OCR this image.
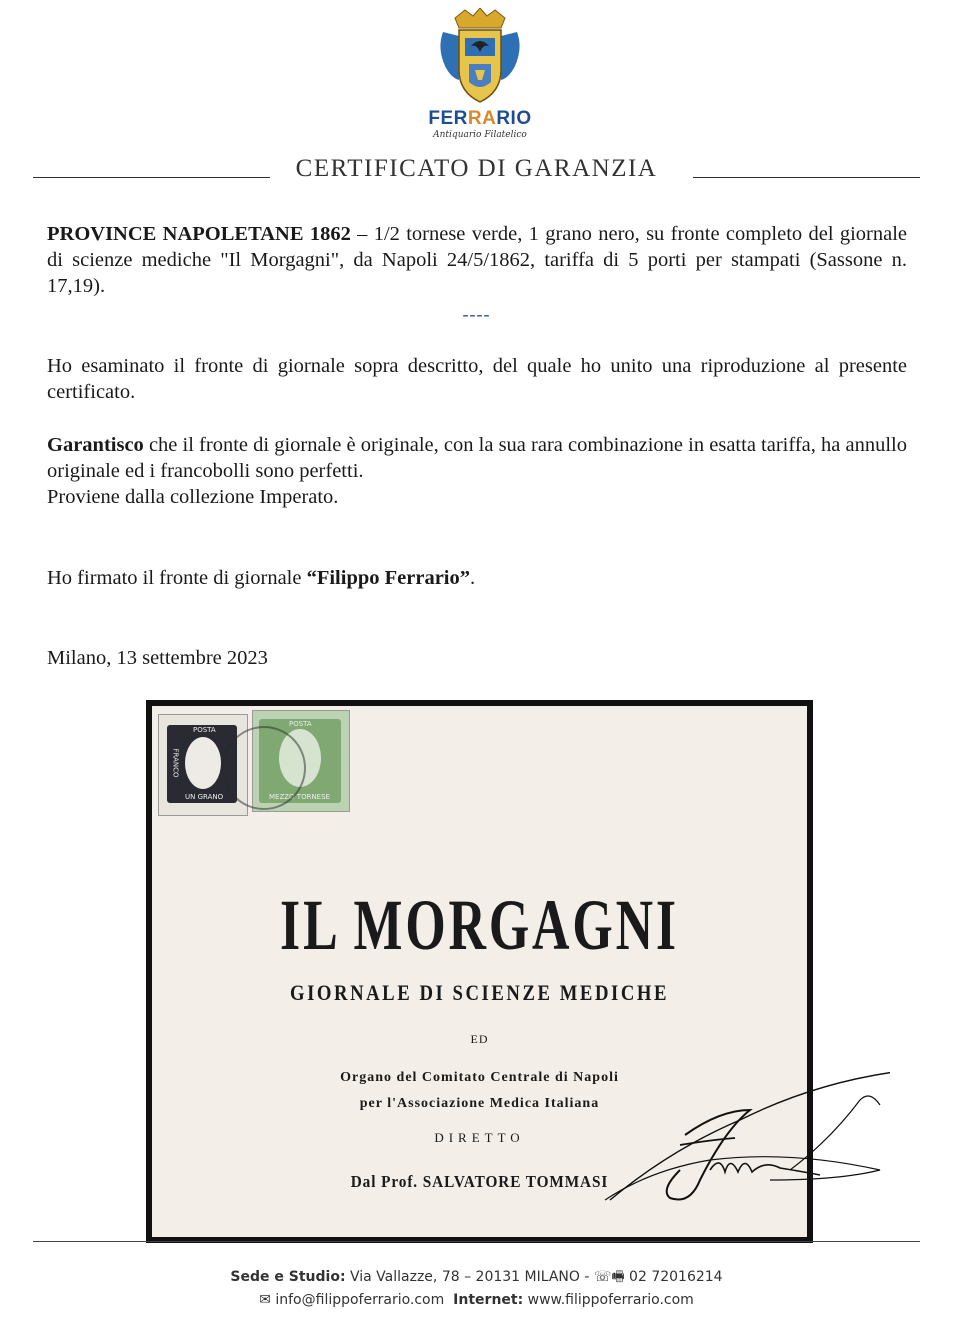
FERRARIO
Antiquario Filatelico
CERTIFICATO DI GARANZIA
PROVINCE NAPOLETANE 1862 – 1/2 tornese verde, 1 grano nero, su fronte completo del giornale di scienze mediche "Il Morgagni", da Napoli 24/5/1862, tariffa di 5 porti per stampati (Sassone n. 17,19).
----
Ho esaminato il fronte di giornale sopra descritto, del quale ho unito una riproduzione al presente certificato.
Garantisco che il fronte di giornale è originale, con la sua rara combinazione in esatta tariffa, ha annullo originale ed i francobolli sono perfetti.
Proviene dalla collezione Imperato.
Ho firmato il fronte di giornale “Filippo Ferrario”.
Milano, 13 settembre 2023
POSTA
UN GRANO
FRANCO
POSTA
MEZZO TORNESE
IL MORGAGNI
GIORNALE DI SCIENZE MEDICHE
ED
Organo del Comitato Centrale di Napoli
per l'Associazione Medica Italiana
DIRETTO
Dal Prof. SALVATORE TOMMASI
Sede e Studio: Via Vallazze, 78 – 20131 MILANO - ☏🖷 02 72016214
✉ info@filippoferrario.com Internet: www.filippoferrario.com
